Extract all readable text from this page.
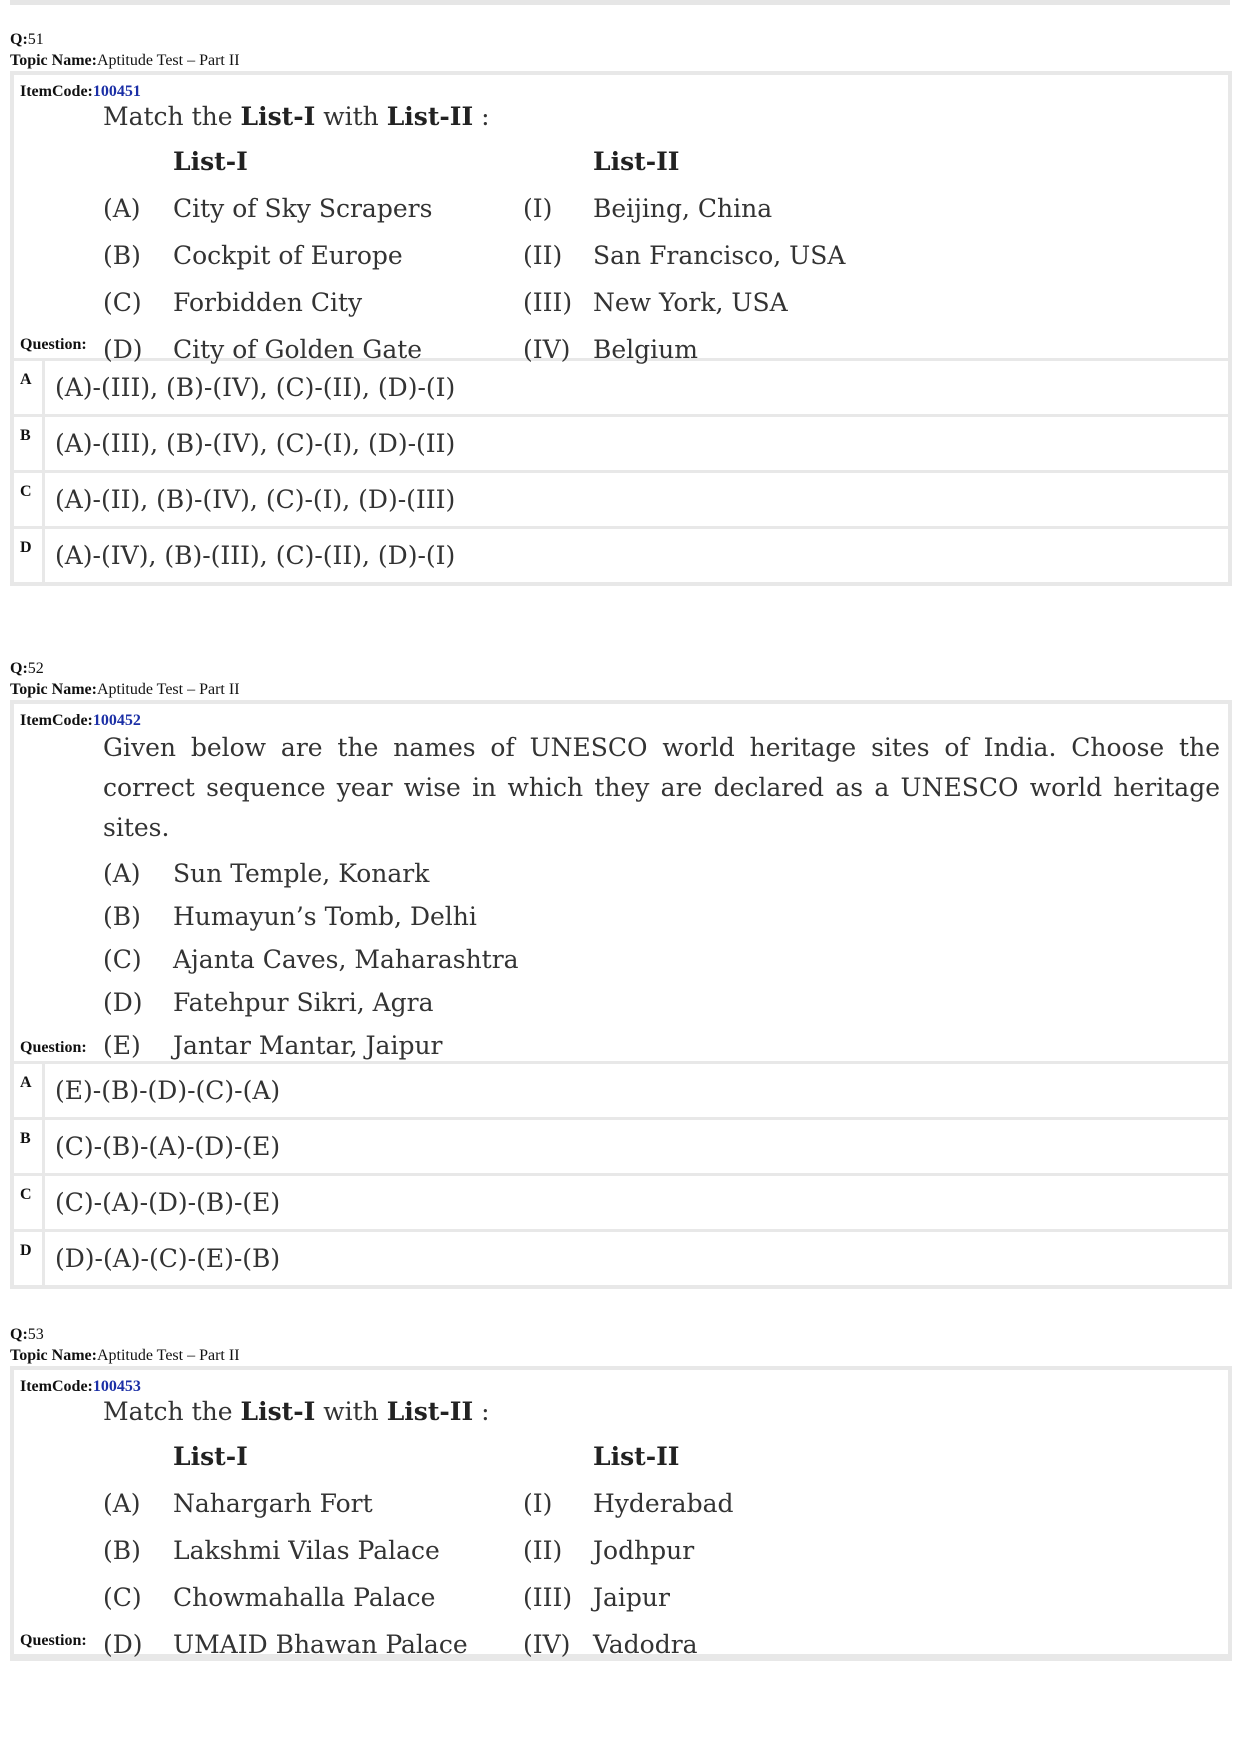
Q:51
Topic Name:Aptitude Test – Part II
ItemCode:100451
Match the List-I with List-II :
List-I	List-II
(A)	City of Sky Scrapers	(I)	Beijing, China
(B)	Cockpit of Europe	(II)	San Francisco, USA
(C)	Forbidden City	(III) New York, USA
(D)	City of Golden Gate	(IV) Belgium
Question:
A (A)-(III), (B)-(IV), (C)-(II), (D)-(I)
B (A)-(III), (B)-(IV), (C)-(I), (D)-(II)
C (A)-(II), (B)-(IV), (C)-(I), (D)-(III)
D (A)-(IV), (B)-(III), (C)-(II), (D)-(I)
Q:52
Topic Name:Aptitude Test – Part II
ItemCode:100452
Given below are the names of UNESCO world heritage sites of India. Choose the correct sequence year wise in which they are declared as a UNESCO world heritage sites.
(A)	Sun Temple, Konark
(B)	Humayun’s Tomb, Delhi
(C)	Ajanta Caves, Maharashtra
(D)	Fatehpur Sikri, Agra
(E)	Jantar Mantar, Jaipur
Question:
A (E)-(B)-(D)-(C)-(A)
B (C)-(B)-(A)-(D)-(E)
C (C)-(A)-(D)-(B)-(E)
D (D)-(A)-(C)-(E)-(B)
Q:53
Topic Name:Aptitude Test – Part II
ItemCode:100453
Match the List-I with List-II :
List-I	List-II
(A)	Nahargarh Fort	(I)	Hyderabad
(B)	Lakshmi Vilas Palace	(II)	Jodhpur
(C)	Chowmahalla Palace	(III) Jaipur
(D)	UMAID Bhawan Palace	(IV) Vadodra
Question:
